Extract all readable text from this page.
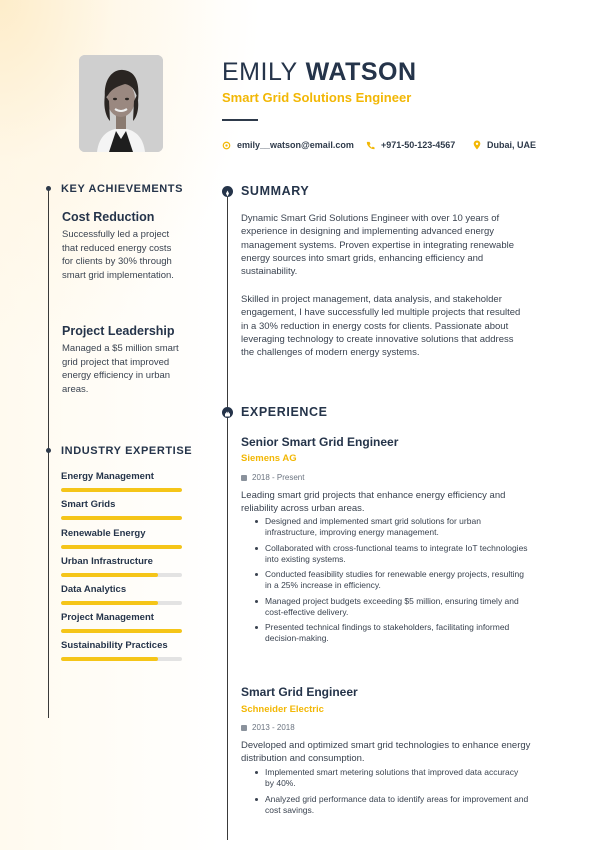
EMILY WATSON
Smart Grid Solutions Engineer
emily__watson@email.com	+971-50-123-4567	Dubai, UAE
KEY ACHIEVEMENTS
Cost Reduction
Successfully led a project
that reduced energy costs
for clients by 30% through
smart grid implementation.
Project Leadership
Managed a $5 million smart
grid project that improved
energy efficiency in urban
areas.
INDUSTRY EXPERTISE
Energy Management
Smart Grids
Renewable Energy
Urban Infrastructure
Data Analytics
Project Management
Sustainability Practices
SUMMARY
Dynamic Smart Grid Solutions Engineer with over 10 years of
experience in designing and implementing advanced energy
management systems. Proven expertise in integrating renewable
energy sources into smart grids, enhancing efficiency and
sustainability.
Skilled in project management, data analysis, and stakeholder
engagement, I have successfully led multiple projects that resulted
in a 30% reduction in energy costs for clients. Passionate about
leveraging technology to create innovative solutions that address
the challenges of modern energy systems.
EXPERIENCE
Senior Smart Grid Engineer
Siemens AG
2018 - Present
Leading smart grid projects that enhance energy efficiency and
reliability across urban areas.
Designed and implemented smart grid solutions for urban
infrastructure, improving energy management.
Collaborated with cross-functional teams to integrate IoT technologies
into existing systems.
Conducted feasibility studies for renewable energy projects, resulting
in a 25% increase in efficiency.
Managed project budgets exceeding $5 million, ensuring timely and
cost-effective delivery.
Presented technical findings to stakeholders, facilitating informed
decision-making.
Smart Grid Engineer
Schneider Electric
2013 - 2018
Developed and optimized smart grid technologies to enhance energy
distribution and consumption.
Implemented smart metering solutions that improved data accuracy
by 40%.
Analyzed grid performance data to identify areas for improvement and
cost savings.
